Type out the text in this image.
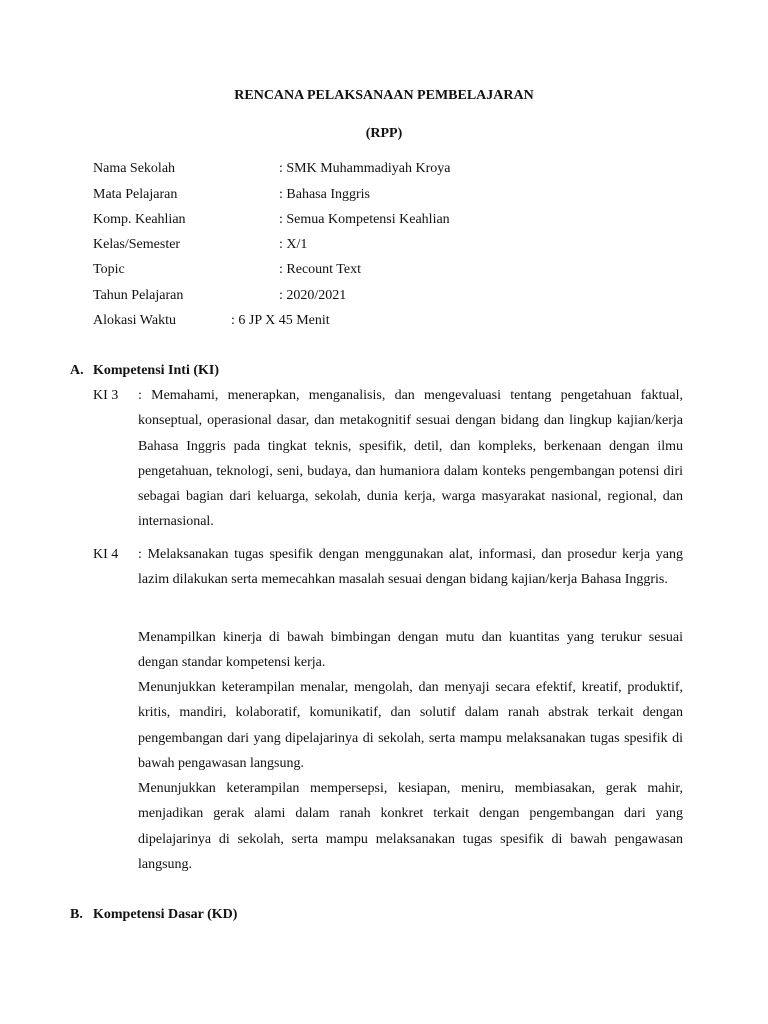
RENCANA PELAKSANAAN PEMBELAJARAN
(RPP)
Nama Sekolah	: SMK Muhammadiyah Kroya
Mata Pelajaran	: Bahasa Inggris
Komp. Keahlian	: Semua Kompetensi Keahlian
Kelas/Semester	: X/1
Topic	: Recount Text
Tahun Pelajaran	: 2020/2021
Alokasi Waktu	: 6 JP X 45 Menit
A. Kompetensi Inti (KI)
KI 3 : Memahami, menerapkan, menganalisis, dan mengevaluasi tentang pengetahuan faktual, konseptual, operasional dasar, dan metakognitif sesuai dengan bidang dan lingkup kajian/kerja Bahasa Inggris pada tingkat teknis, spesifik, detil, dan kompleks, berkenaan dengan ilmu pengetahuan, teknologi, seni, budaya, dan humaniora dalam konteks pengembangan potensi diri sebagai bagian dari keluarga, sekolah, dunia kerja, warga masyarakat nasional, regional, dan internasional.
KI 4 : Melaksanakan tugas spesifik dengan menggunakan alat, informasi, dan prosedur kerja yang lazim dilakukan serta memecahkan masalah sesuai dengan bidang kajian/kerja Bahasa Inggris.
Menampilkan kinerja di bawah bimbingan dengan mutu dan kuantitas yang terukur sesuai dengan standar kompetensi kerja.
Menunjukkan keterampilan menalar, mengolah, dan menyaji secara efektif, kreatif, produktif, kritis, mandiri, kolaboratif, komunikatif, dan solutif dalam ranah abstrak terkait dengan pengembangan dari yang dipelajarinya di sekolah, serta mampu melaksanakan tugas spesifik di bawah pengawasan langsung.
Menunjukkan keterampilan mempersepsi, kesiapan, meniru, membiasakan, gerak mahir, menjadikan gerak alami dalam ranah konkret terkait dengan pengembangan dari yang dipelajarinya di sekolah, serta mampu melaksanakan tugas spesifik di bawah pengawasan langsung.
B. Kompetensi Dasar (KD)
